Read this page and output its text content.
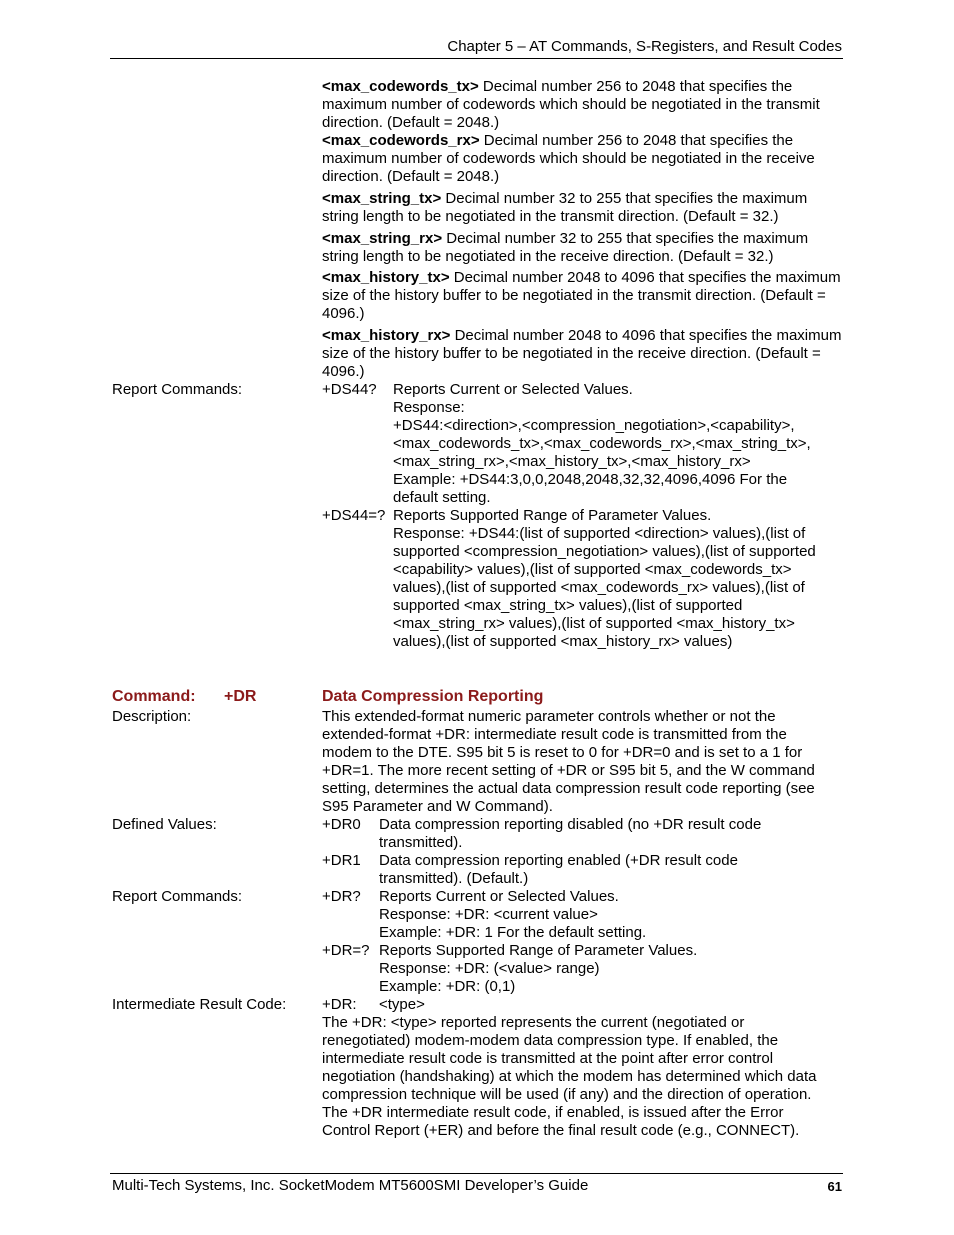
Chapter 5 – AT Commands, S-Registers, and Result Codes
<max_codewords_tx> Decimal number 256 to 2048 that specifies the maximum number of codewords which should be negotiated in the transmit direction. (Default = 2048.)
<max_codewords_rx> Decimal number 256 to 2048 that specifies the maximum number of codewords which should be negotiated in the receive direction. (Default = 2048.)
<max_string_tx> Decimal number 32 to 255 that specifies the maximum string length to be negotiated in the transmit direction. (Default = 32.)
<max_string_rx> Decimal number 32 to 255 that specifies the maximum string length to be negotiated in the receive direction. (Default = 32.)
<max_history_tx> Decimal number 2048 to 4096 that specifies the maximum size of the history buffer to be negotiated in the transmit direction. (Default = 4096.)
<max_history_rx> Decimal number 2048 to 4096 that specifies the maximum size of the history buffer to be negotiated in the receive direction. (Default = 4096.)
Report Commands:	+DS44? Reports Current or Selected Values.
Response:
+DS44:<direction>,<compression_negotiation>,<capability>,
<max_codewords_tx>,<max_codewords_rx>,<max_string_tx>,
<max_string_rx>,<max_history_tx>,<max_history_rx>
Example: +DS44:3,0,0,2048,2048,32,32,4096,4096 For the
default setting.
+DS44=? Reports Supported Range of Parameter Values.
Response: +DS44:(list of supported <direction> values),(list of
supported <compression_negotiation> values),(list of supported
<capability> values),(list of supported <max_codewords_tx>
values),(list of supported <max_codewords_rx> values),(list of
supported <max_string_tx> values),(list of supported
<max_string_rx> values),(list of supported <max_history_tx>
values),(list of supported <max_history_rx> values)
Command: +DR	Data Compression Reporting
Description:	This extended-format numeric parameter controls whether or not the
extended-format +DR: intermediate result code is transmitted from the
modem to the DTE. S95 bit 5 is reset to 0 for +DR=0 and is set to a 1 for
+DR=1. The more recent setting of +DR or S95 bit 5, and the W command
setting, determines the actual data compression result code reporting (see
S95 Parameter and W Command).
Defined Values:	+DR0 Data compression reporting disabled (no +DR result code
transmitted).
+DR1 Data compression reporting enabled (+DR result code
transmitted). (Default.)
Report Commands:	+DR? Reports Current or Selected Values.
Response: +DR: <current value>
Example: +DR: 1 For the default setting.
+DR=? Reports Supported Range of Parameter Values.
Response: +DR: (<value> range)
Example: +DR: (0,1)
Intermediate Result Code: +DR: <type>
The +DR: <type> reported represents the current (negotiated or
renegotiated) modem-modem data compression type. If enabled, the
intermediate result code is transmitted at the point after error control
negotiation (handshaking) at which the modem has determined which data
compression technique will be used (if any) and the direction of operation.
The +DR intermediate result code, if enabled, is issued after the Error
Control Report (+ER) and before the final result code (e.g., CONNECT).
Multi-Tech Systems, Inc. SocketModem MT5600SMI Developer’s Guide	61
